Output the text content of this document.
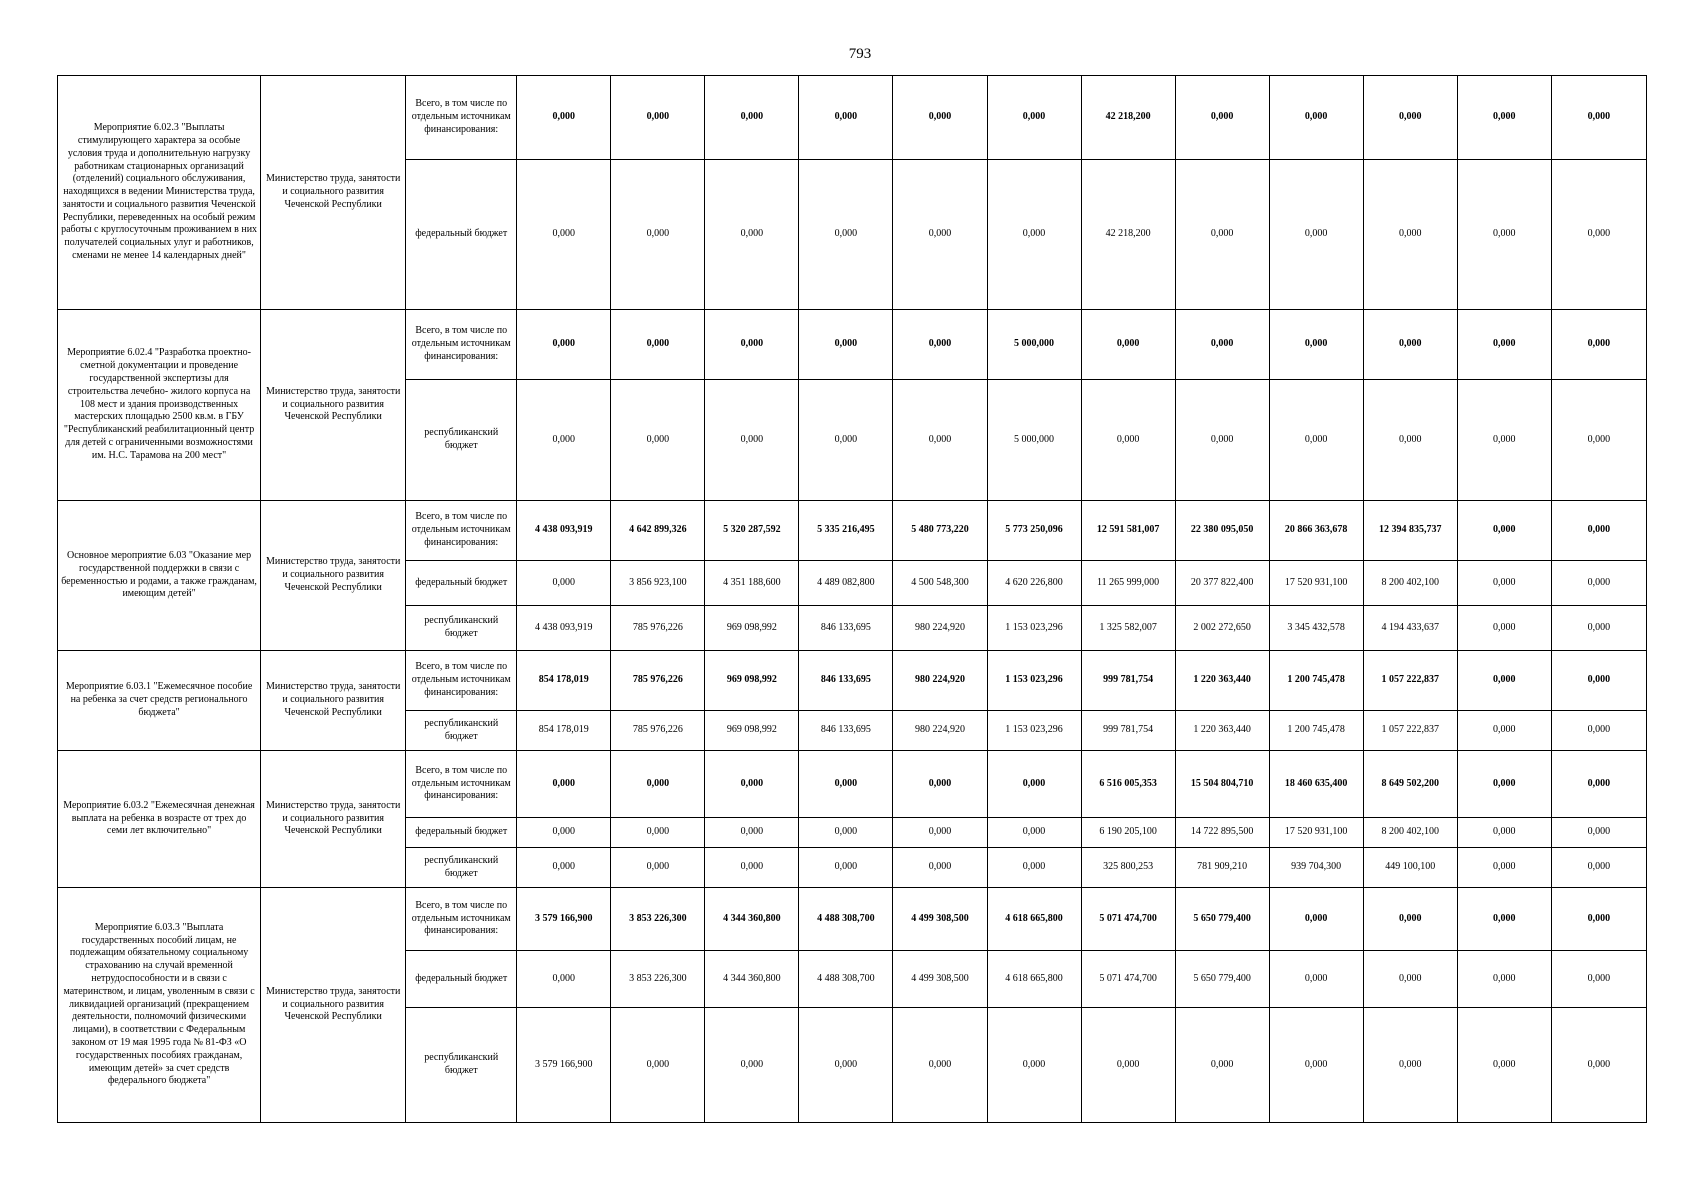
793
Мероприятие 6.02.3 "Выплаты стимулирующего характера за особые условия труда и дополнительную нагрузку работникам стационарных организаций (отделений) социального обслуживания, находящихся в ведении Министерства труда, занятости и социального развития Чеченской Республики, переведенных на особый режим работы с круглосуточным проживанием в них получателей социальных улуг и работников, сменами не менее 14 календарных дней"	Министерство труда, занятости и социального развития Чеченской Республики	Всего, в том числе по отдельным источникам финансирования:	0,000	0,000	0,000	0,000	0,000	0,000	42 218,200	0,000	0,000	0,000	0,000	0,000
		федеральный бюджет	0,000	0,000	0,000	0,000	0,000	0,000	42 218,200	0,000	0,000	0,000	0,000	0,000
Мероприятие 6.02.4 "Разработка проектно-сметной документации и проведение государственной экспертизы для строительства лечебно- жилого корпуса на 108 мест и здания производственных мастерских площадью 2500 кв.м. в ГБУ "Республиканский реабилитационный центр для детей с ограниченными возможностями им. Н.С. Тарамова на 200 мест"	Министерство труда, занятости и социального развития Чеченской Республики	Всего, в том числе по отдельным источникам финансирования:	0,000	0,000	0,000	0,000	0,000	5 000,000	0,000	0,000	0,000	0,000	0,000	0,000
		республиканский бюджет	0,000	0,000	0,000	0,000	0,000	5 000,000	0,000	0,000	0,000	0,000	0,000	0,000
Основное мероприятие 6.03 "Оказание мер государственной поддержки в связи с беременностью и родами, а также гражданам, имеющим детей"	Министерство труда, занятости и социального развития Чеченской Республики	Всего, в том числе по отдельным источникам финансирования:	4 438 093,919	4 642 899,326	5 320 287,592	5 335 216,495	5 480 773,220	5 773 250,096	12 591 581,007	22 380 095,050	20 866 363,678	12 394 835,737	0,000	0,000
		федеральный бюджет	0,000	3 856 923,100	4 351 188,600	4 489 082,800	4 500 548,300	4 620 226,800	11 265 999,000	20 377 822,400	17 520 931,100	8 200 402,100	0,000	0,000
		республиканский бюджет	4 438 093,919	785 976,226	969 098,992	846 133,695	980 224,920	1 153 023,296	1 325 582,007	2 002 272,650	3 345 432,578	4 194 433,637	0,000	0,000
Мероприятие 6.03.1 "Ежемесячное пособие на ребенка за счет средств регионального бюджета"	Министерство труда, занятости и социального развития Чеченской Республики	Всего, в том числе по отдельным источникам финансирования:	854 178,019	785 976,226	969 098,992	846 133,695	980 224,920	1 153 023,296	999 781,754	1 220 363,440	1 200 745,478	1 057 222,837	0,000	0,000
		республиканский бюджет	854 178,019	785 976,226	969 098,992	846 133,695	980 224,920	1 153 023,296	999 781,754	1 220 363,440	1 200 745,478	1 057 222,837	0,000	0,000
Мероприятие 6.03.2 "Ежемесячная денежная выплата на ребенка в возрасте от трех до семи лет включительно"	Министерство труда, занятости и социального развития Чеченской Республики	Всего, в том числе по отдельным источникам финансирования:	0,000	0,000	0,000	0,000	0,000	0,000	6 516 005,353	15 504 804,710	18 460 635,400	8 649 502,200	0,000	0,000
		федеральный бюджет	0,000	0,000	0,000	0,000	0,000	0,000	6 190 205,100	14 722 895,500	17 520 931,100	8 200 402,100	0,000	0,000
		республиканский бюджет	0,000	0,000	0,000	0,000	0,000	0,000	325 800,253	781 909,210	939 704,300	449 100,100	0,000	0,000
Мероприятие 6.03.3 "Выплата государственных пособий лицам, не подлежащим обязательному социальному страхованию на случай временной нетрудоспособности и в связи с материнством, и лицам, уволенным в связи с ликвидацией организаций (прекращением деятельности, полномочий физическими лицами), в соответствии с Федеральным законом от 19 мая 1995 года № 81-ФЗ «О государственных пособиях гражданам, имеющим детей» за счет средств федерального бюджета"	Министерство труда, занятости и социального развития Чеченской Республики	Всего, в том числе по отдельным источникам финансирования:	3 579 166,900	3 853 226,300	4 344 360,800	4 488 308,700	4 499 308,500	4 618 665,800	5 071 474,700	5 650 779,400	0,000	0,000	0,000	0,000
		федеральный бюджет	0,000	3 853 226,300	4 344 360,800	4 488 308,700	4 499 308,500	4 618 665,800	5 071 474,700	5 650 779,400	0,000	0,000	0,000	0,000
		республиканский бюджет	3 579 166,900	0,000	0,000	0,000	0,000	0,000	0,000	0,000	0,000	0,000	0,000	0,000
